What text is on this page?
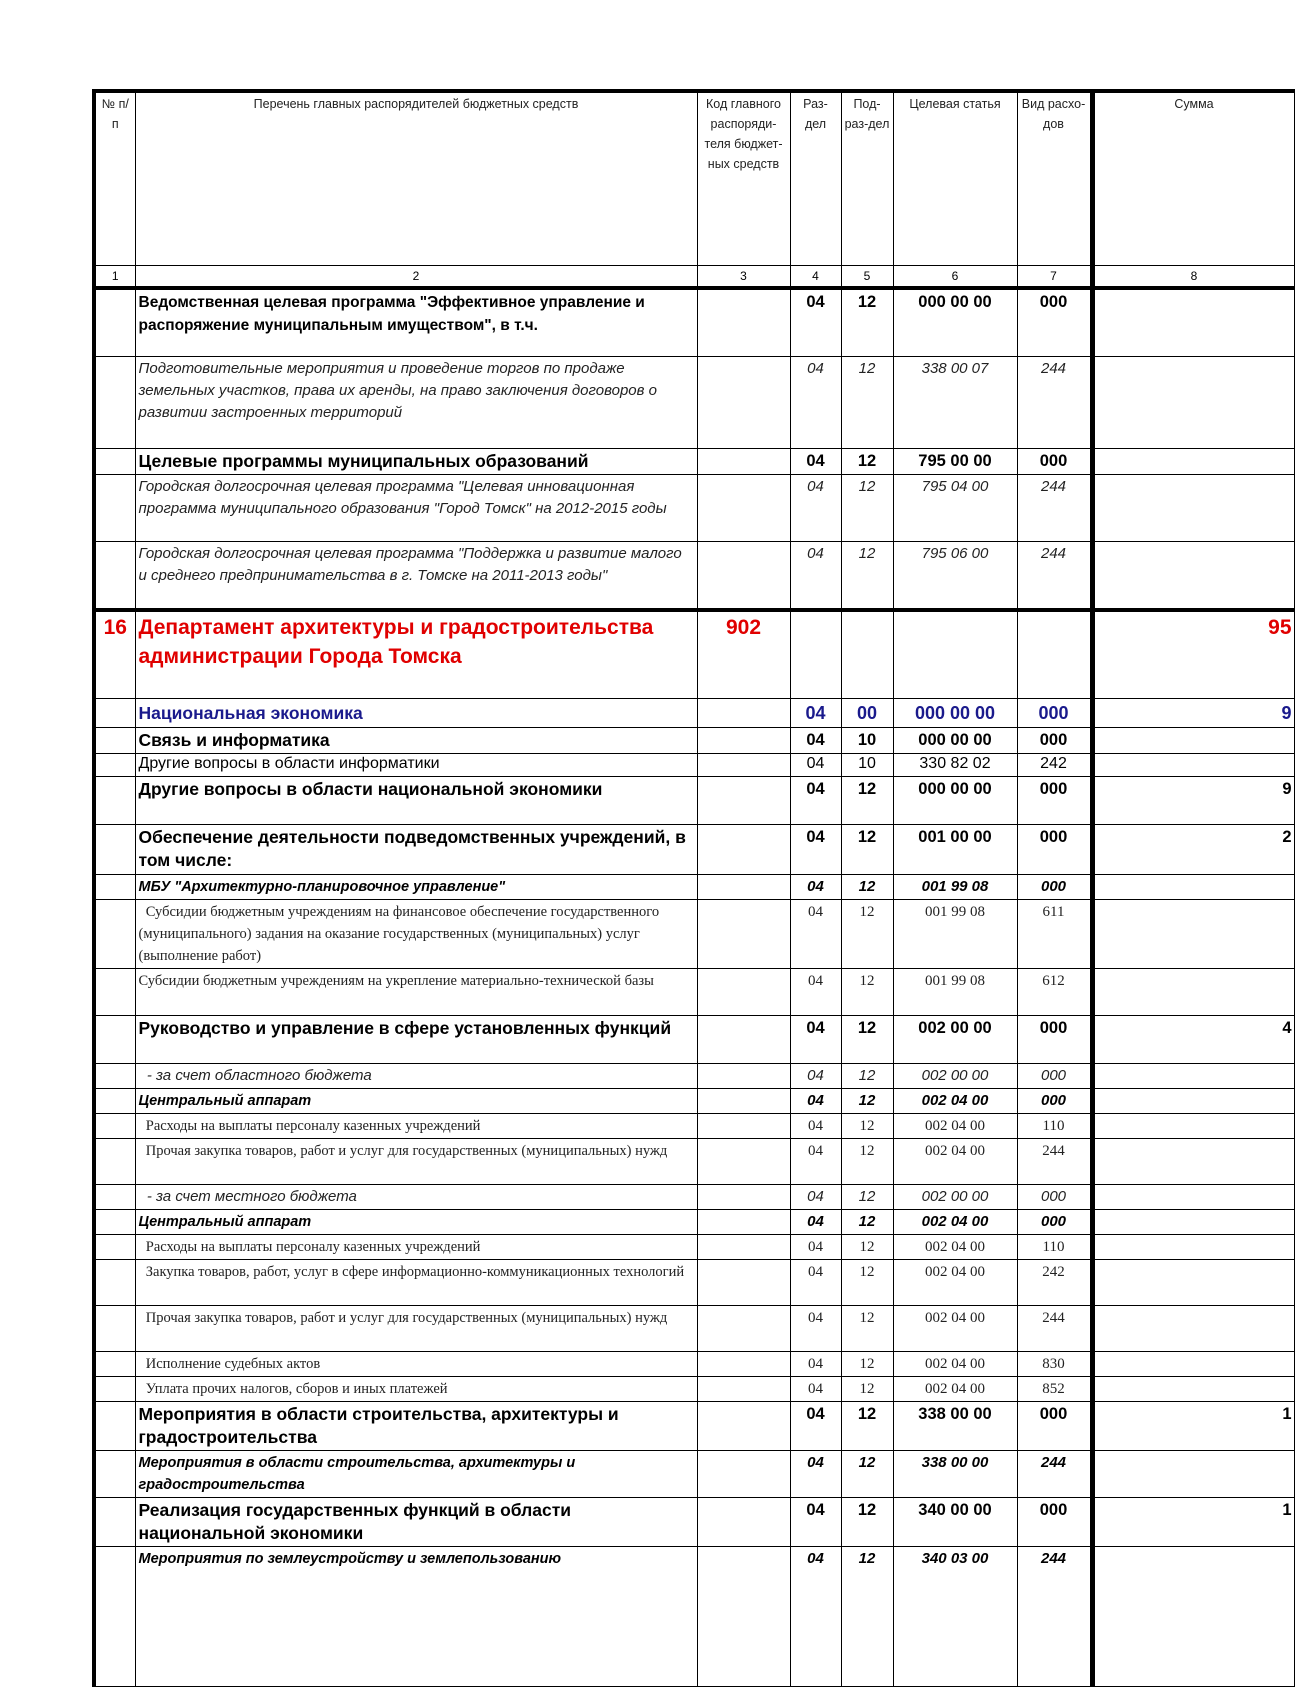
№ п/п	Перечень главных распорядителей бюджетных средств	Код главного распоряди-теля бюджет-ных средств	Раз-дел	Под-раз-дел	Целевая статья	Вид расхо-дов	Сумма
1	2	3	4	5	6	7	8
	Ведомственная целевая программа "Эффективное управление и распоряжение муниципальным имуществом", в т.ч.		04	12	000 00 00	000	
	Подготовительные мероприятия и проведение торгов по продаже земельных участков, права их аренды, на право заключения договоров о развитии застроенных территорий		04	12	338 00 07	244	
	Целевые программы муниципальных образований		04	12	795 00 00	000	
	Городская долгосрочная целевая программа "Целевая инновационная программа муниципального образования "Город Томск" на 2012-2015 годы		04	12	795 04 00	244	
	Городская долгосрочная целевая программа "Поддержка и развитие малого и среднего предпринимательства в г. Томске на 2011-2013 годы"		04	12	795 06 00	244	
16	Департамент архитектуры и градостроительства администрации Города Томска	902					95
	Национальная экономика		04	00	000 00 00	000	9
	Связь и информатика		04	10	000 00 00	000	
	Другие вопросы в области информатики		04	10	330 82 02	242	
	Другие вопросы в области национальной экономики		04	12	000 00 00	000	9
	Обеспечение деятельности подведомственных учреждений, в том числе:		04	12	001 00 00	000	2
	МБУ "Архитектурно-планировочное управление"		04	12	001 99 08	000	
	Субсидии бюджетным учреждениям на финансовое обеспечение государственного (муниципального) задания на оказание государственных (муниципальных) услуг (выполнение работ)		04	12	001 99 08	611	
	Субсидии бюджетным учреждениям на укрепление материально-технической базы		04	12	001 99 08	612	
	Руководство и управление в сфере установленных функций		04	12	002 00 00	000	4
	- за счет областного бюджета		04	12	002 00 00	000	
	Центральный аппарат		04	12	002 04 00	000	
	Расходы на выплаты персоналу казенных учреждений		04	12	002 04 00	110	
	Прочая закупка товаров, работ и услуг для государственных (муниципальных) нужд		04	12	002 04 00	244	
	- за счет местного бюджета		04	12	002 00 00	000	
	Центральный аппарат		04	12	002 04 00	000	
	Расходы на выплаты персоналу казенных учреждений		04	12	002 04 00	110	
	Закупка товаров, работ, услуг в сфере информационно-коммуникационных технологий		04	12	002 04 00	242	
	Прочая закупка товаров, работ и услуг для государственных (муниципальных) нужд		04	12	002 04 00	244	
	Исполнение судебных актов		04	12	002 04 00	830	
	Уплата прочих налогов, сборов и иных платежей		04	12	002 04 00	852	
	Мероприятия в области строительства, архитектуры и градостроительства		04	12	338 00 00	000	1
	Мероприятия в области строительства, архитектуры и градостроительства		04	12	338 00 00	244	
	Реализация государственных функций в области национальной экономики		04	12	340 00 00	000	1
	Мероприятия по землеустройству и землепользованию		04	12	340 03 00	244	
